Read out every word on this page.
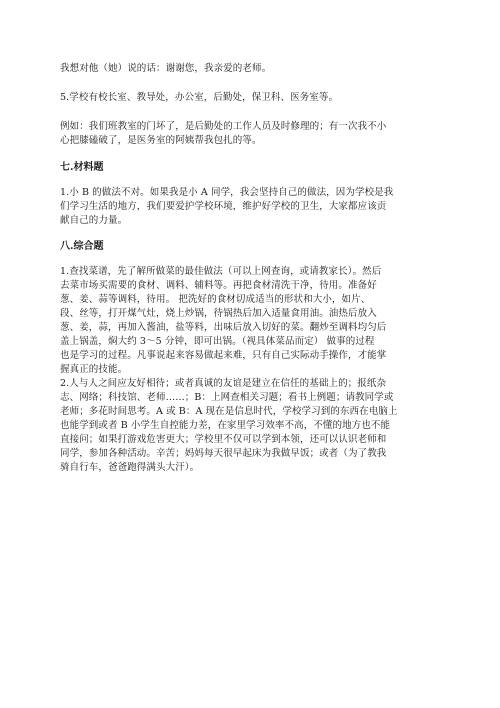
我想对他（她）说的话：谢谢您，我亲爱的老师。
5.学校有校长室、教导处，办公室，后勤处，保卫科、医务室等。
例如：我们班教室的门坏了，是后勤处的工作人员及时修理的；有一次我不小
心把膝磕破了，是医务室的阿姨帮我包扎的等。
七.材料题
1.小 B 的做法不对。如果我是小 A 同学，我会坚持自己的做法，因为学校是我
们学习生活的地方，我们要爱护学校环境，维护好学校的卫生，大家都应该贡
献自己的力量。
八.综合题
1.查找菜谱，先了解所做菜的最佳做法（可以上网查询，或请教家长）。然后
去菜市场买需要的食材、调料、辅料等。再把食材清洗干净，待用。准备好
葱、姜、蒜等调料，待用。 把洗好的食材切成适当的形状和大小，如片、
段、丝等，打开煤气灶，烧上炒锅，待锅热后加入适量食用油。油热后放入
葱、姜，蒜，再加入酱油，盐等料，出味后放入切好的菜。翻炒至调料均匀后
盖上锅盖，焖大约 3～5 分钟，即可出锅。（视具体菜品而定） 做事的过程
也是学习的过程。凡事说起来容易做起来难，只有自己实际动手操作，才能掌
握真正的技能。
2.人与人之间应友好相待；或者真诚的友谊是建立在信任的基础上的；报纸杂
志、网络；科技馆、老师……；B：上网查相关习题；看书上例题；请教同学或
老师；多花时间思考。A 或 B：A 现在是信息时代，学校学习到的东西在电脑上
也能学到或者 B 小学生自控能力差，在家里学习效率不高，不懂的地方也不能
直接问；如果打游戏危害更大；学校里不仅可以学到本领，还可以认识老师和
同学，参加各种活动。辛苦；妈妈每天很早起床为我做早饭；或者（为了教我
骑自行车，爸爸跑得满头大汗）。
